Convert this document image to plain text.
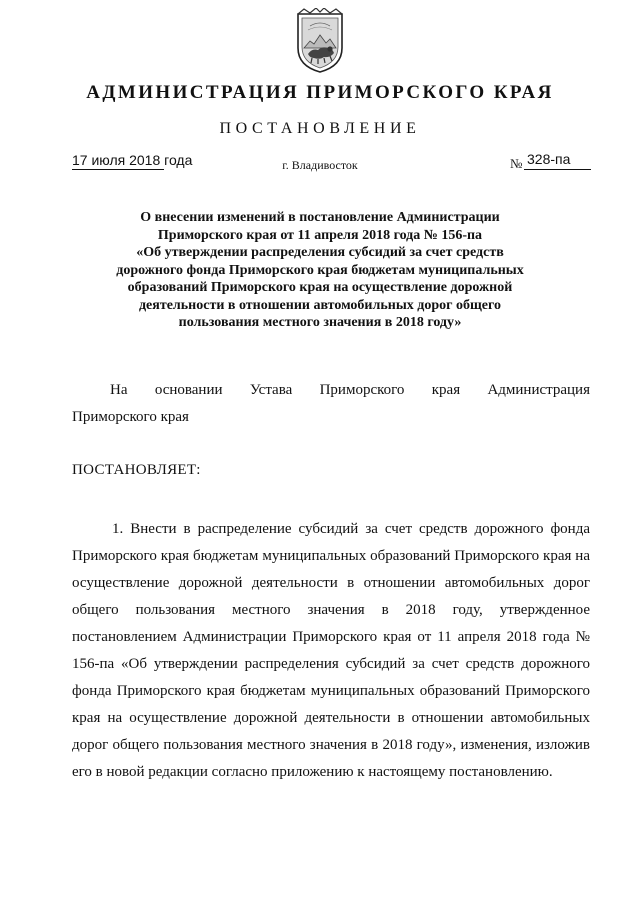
АДМИНИСТРАЦИЯ ПРИМОРСКОГО КРАЯ
ПОСТАНОВЛЕНИЕ
17 июля 2018 года	г. Владивосток	№ 328-па
О внесении изменений в постановление Администрации
Приморского края от 11 апреля 2018 года № 156-па
«Об утверждении распределения субсидий за счет средств
дорожного фонда Приморского края бюджетам муниципальных
образований Приморского края на осуществление дорожной
деятельности в отношении автомобильных дорог общего
пользования местного значения в 2018 году»
На основании Устава Приморского края Администрация
Приморского края
ПОСТАНОВЛЯЕТ:
1. Внести в распределение субсидий за счет средств дорожного фонда Приморского края бюджетам муниципальных образований Приморского края на осуществление дорожной деятельности в отношении автомобильных дорог общего пользования местного значения в 2018 году, утвержденное постановлением Администрации Приморского края от 11 апреля 2018 года № 156-па «Об утверждении распределения субсидий за счет средств дорожного фонда Приморского края бюджетам муниципальных образований Приморского края на осуществление дорожной деятельности в отношении автомобильных дорог общего пользования местного значения в 2018 году», изменения, изложив его в новой редакции согласно приложению к настоящему постановлению.
